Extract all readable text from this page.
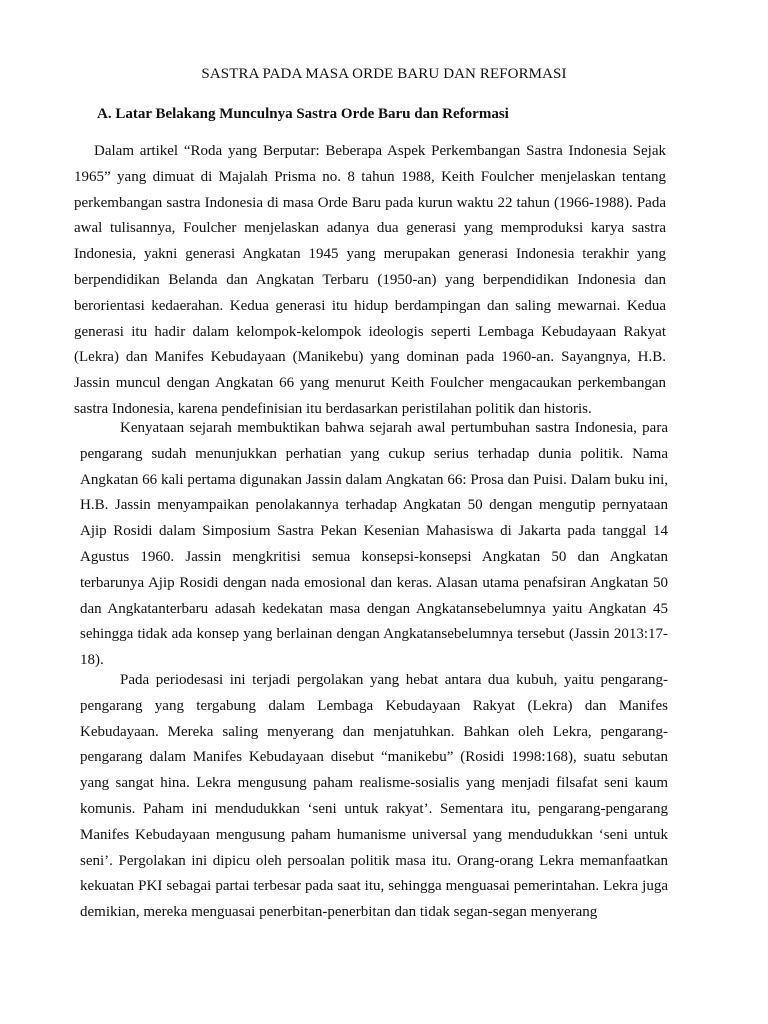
SASTRA PADA MASA ORDE BARU DAN REFORMASI
A. Latar Belakang Munculnya Sastra Orde Baru dan Reformasi

Dalam artikel “Roda yang Berputar: Beberapa Aspek Perkembangan Sastra Indonesia Sejak 1965” yang dimuat di Majalah Prisma no. 8 tahun 1988, Keith Foulcher menjelaskan tentang perkembangan sastra Indonesia di masa Orde Baru pada kurun waktu 22 tahun (1966-1988). Pada awal tulisannya, Foulcher menjelaskan adanya dua generasi yang memproduksi karya sastra Indonesia, yakni generasi Angkatan 1945 yang merupakan generasi Indonesia terakhir yang berpendidikan Belanda dan Angkatan Terbaru (1950-an) yang berpendidikan Indonesia dan berorientasi kedaerahan. Kedua generasi itu hidup berdampingan dan saling mewarnai. Kedua generasi itu hadir dalam kelompok-kelompok ideologis seperti Lembaga Kebudayaan Rakyat (Lekra) dan Manifes Kebudayaan (Manikebu) yang dominan pada 1960-an. Sayangnya, H.B. Jassin muncul dengan Angkatan 66 yang menurut Keith Foulcher mengacaukan perkembangan sastra Indonesia, karena pendefinisian itu berdasarkan peristilahan politik dan historis.

Kenyataan sejarah membuktikan bahwa sejarah awal pertumbuhan sastra Indonesia, para pengarang sudah menunjukkan perhatian yang cukup serius terhadap dunia politik. Nama Angkatan 66 kali pertama digunakan Jassin dalam Angkatan 66: Prosa dan Puisi. Dalam buku ini, H.B. Jassin menyampaikan penolakannya terhadap Angkatan 50 dengan mengutip pernyataan Ajip Rosidi dalam Simposium Sastra Pekan Kesenian Mahasiswa di Jakarta pada tanggal 14 Agustus 1960. Jassin mengkritisi semua konsepsi-konsepsi Angkatan 50 dan Angkatan terbarunya Ajip Rosidi dengan nada emosional dan keras. Alasan utama penafsiran Angkatan 50 dan Angkatanterbaru adasah kedekatan masa dengan Angkatansebelumnya yaitu Angkatan 45 sehingga tidak ada konsep yang berlainan dengan Angkatansebelumnya tersebut (Jassin 2013:17-18).

Pada periodesasi ini terjadi pergolakan yang hebat antara dua kubuh, yaitu pengarang-pengarang yang tergabung dalam Lembaga Kebudayaan Rakyat (Lekra) dan Manifes Kebudayaan. Mereka saling menyerang dan menjatuhkan. Bahkan oleh Lekra, pengarang-pengarang dalam Manifes Kebudayaan disebut “manikebu” (Rosidi 1998:168), suatu sebutan yang sangat hina. Lekra mengusung paham realisme-sosialis yang menjadi filsafat seni kaum komunis. Paham ini mendudukkan ‘seni untuk rakyat’. Sementara itu, pengarang-pengarang Manifes Kebudayaan mengusung paham humanisme universal yang mendudukkan ‘seni untuk seni’. Pergolakan ini dipicu oleh persoalan politik masa itu. Orang-orang Lekra memanfaatkan kekuatan PKI sebagai partai terbesar pada saat itu, sehingga menguasai pemerintahan. Lekra juga demikian, mereka menguasai penerbitan-penerbitan dan tidak segan-segan menyerang
